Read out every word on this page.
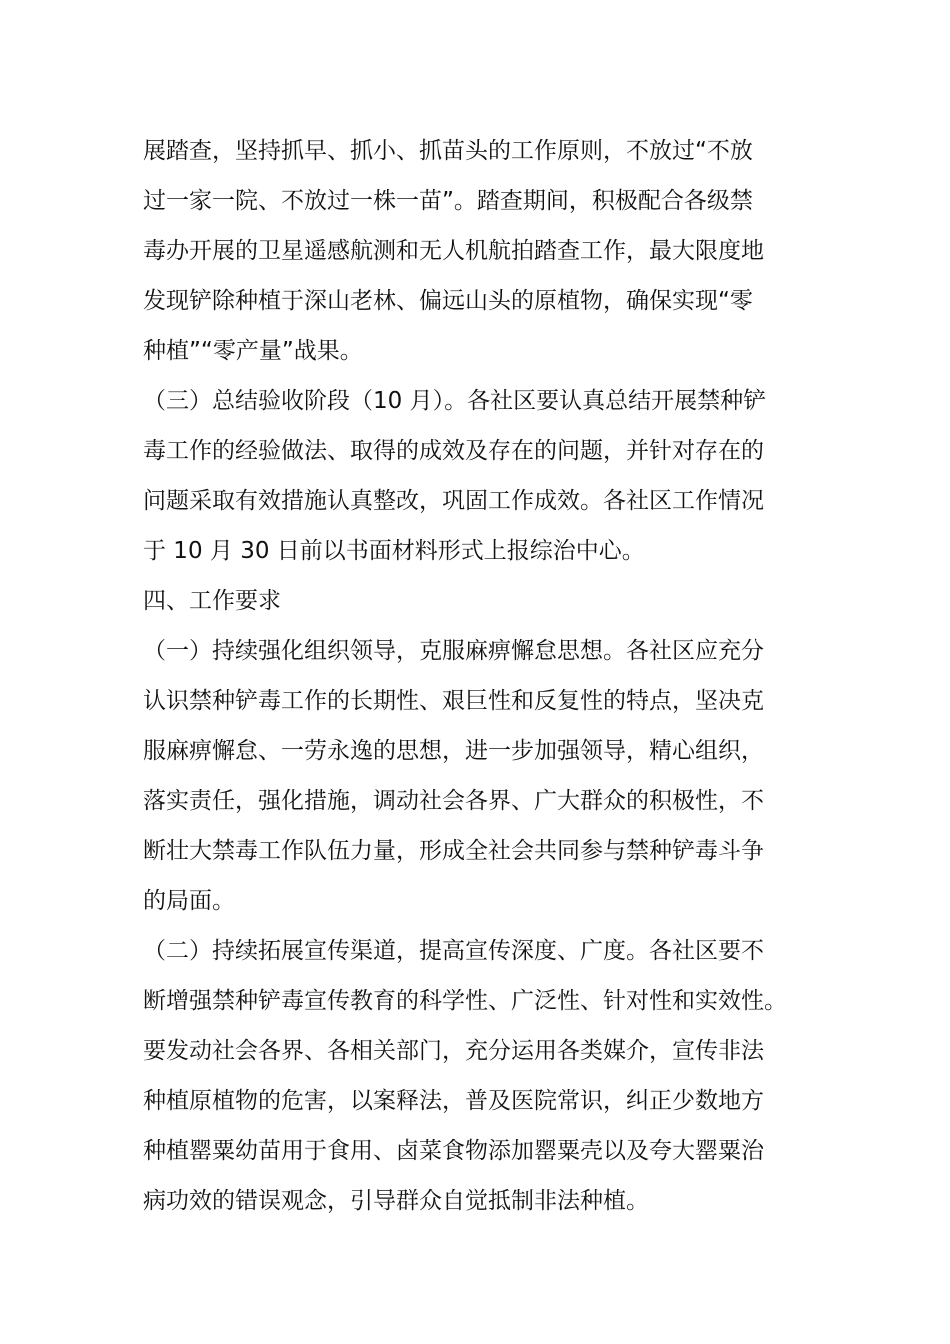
展踏查，坚持抓早、抓小、抓苗头的工作原则，不放过“不放
过一家一院、不放过一株一苗”。踏查期间，积极配合各级禁
毒办开展的卫星遥感航测和无人机航拍踏查工作，最大限度地
发现铲除种植于深山老林、偏远山头的原植物，确保实现“零
种植”“零产量”战果。
（三）总结验收阶段（10 月）。各社区要认真总结开展禁种铲
毒工作的经验做法、取得的成效及存在的问题，并针对存在的
问题采取有效措施认真整改，巩固工作成效。各社区工作情况
于 10 月 30 日前以书面材料形式上报综治中心。
四、工作要求
（一）持续强化组织领导，克服麻痹懈怠思想。各社区应充分
认识禁种铲毒工作的长期性、艰巨性和反复性的特点，坚决克
服麻痹懈怠、一劳永逸的思想，进一步加强领导，精心组织，
落实责任，强化措施，调动社会各界、广大群众的积极性，不
断壮大禁毒工作队伍力量，形成全社会共同参与禁种铲毒斗争
的局面。
（二）持续拓展宣传渠道，提高宣传深度、广度。各社区要不
断增强禁种铲毒宣传教育的科学性、广泛性、针对性和实效性。
要发动社会各界、各相关部门，充分运用各类媒介，宣传非法
种植原植物的危害，以案释法，普及医院常识，纠正少数地方
种植罂粟幼苗用于食用、卤菜食物添加罂粟壳以及夸大罂粟治
病功效的错误观念，引导群众自觉抵制非法种植。
